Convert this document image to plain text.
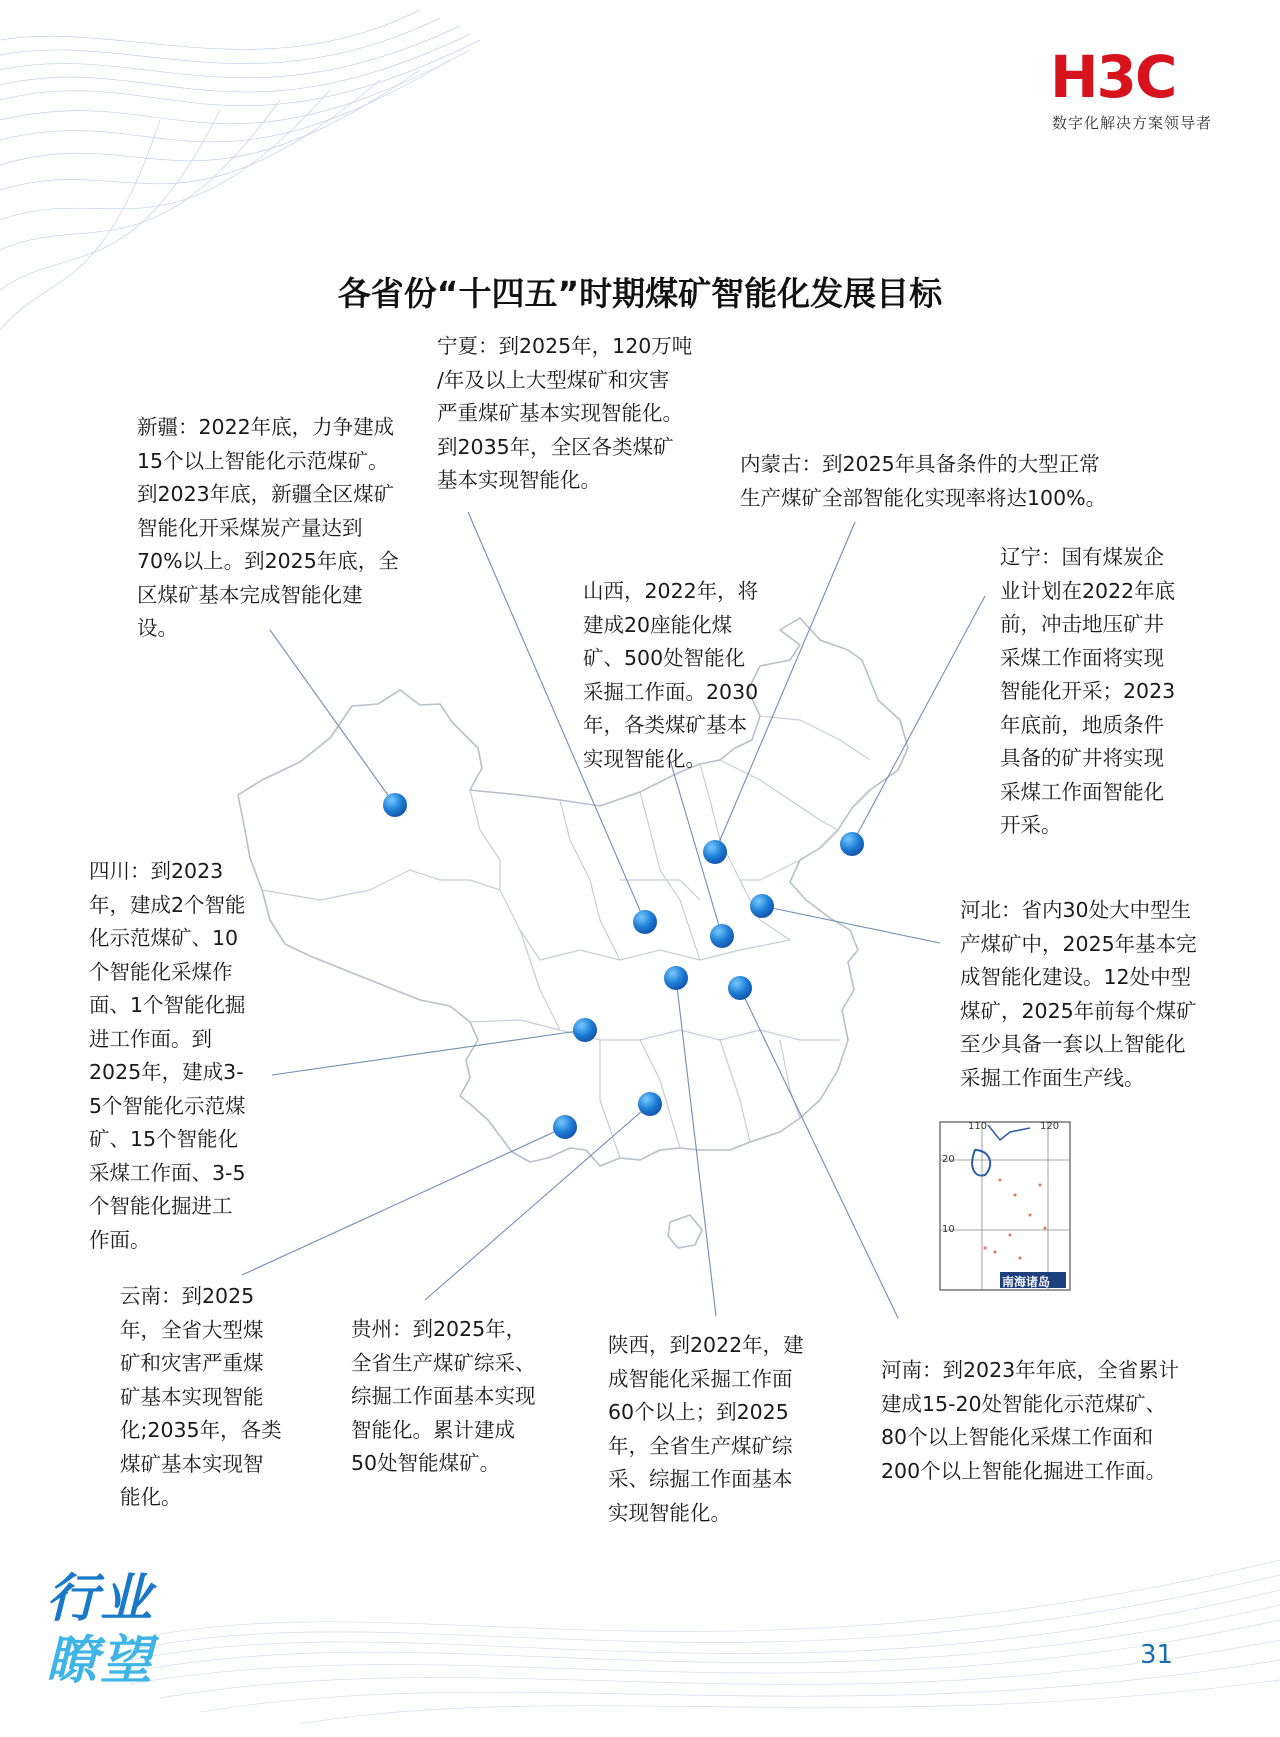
H3C
数字化解决方案领导者
各省份“十四五”时期煤矿智能化发展目标
110	120
20
10
南海诸岛
新疆：2022年底，力争建成
15个以上智能化示范煤矿。
到2023年底，新疆全区煤矿
智能化开采煤炭产量达到
70%以上。到2025年底，全
区煤矿基本完成智能化建
设。
宁夏：到2025年，120万吨
/年及以上大型煤矿和灾害
严重煤矿基本实现智能化。
到2035年，全区各类煤矿
基本实现智能化。
内蒙古：到2025年具备条件的大型正常
生产煤矿全部智能化实现率将达100%。
辽宁：国有煤炭企
业计划在2022年底
前，冲击地压矿井
采煤工作面将实现
智能化开采；2023
年底前，地质条件
具备的矿井将实现
采煤工作面智能化
开采。
山西，2022年，将
建成20座能化煤
矿、500处智能化
采掘工作面。2030
年，各类煤矿基本
实现智能化。
四川：到2023
年，建成2个智能
化示范煤矿、10
个智能化采煤作
面、1个智能化掘
进工作面。到
2025年，建成3-
5个智能化示范煤
矿、15个智能化
采煤工作面、3-5
个智能化掘进工
作面。
河北：省内30处大中型生
产煤矿中，2025年基本完
成智能化建设。12处中型
煤矿，2025年前每个煤矿
至少具备一套以上智能化
采掘工作面生产线。
云南：到2025
年，全省大型煤
矿和灾害严重煤
矿基本实现智能
化;2035年，各类
煤矿基本实现智
能化。
贵州：到2025年，
全省生产煤矿综采、
综掘工作面基本实现
智能化。累计建成
50处智能煤矿。
陕西，到2022年，建
成智能化采掘工作面
60个以上；到2025
年，全省生产煤矿综
采、综掘工作面基本
实现智能化。
河南：到2023年年底，全省累计
建成15-20处智能化示范煤矿、
80个以上智能化采煤工作面和
200个以上智能化掘进工作面。
行业
瞭望	31
